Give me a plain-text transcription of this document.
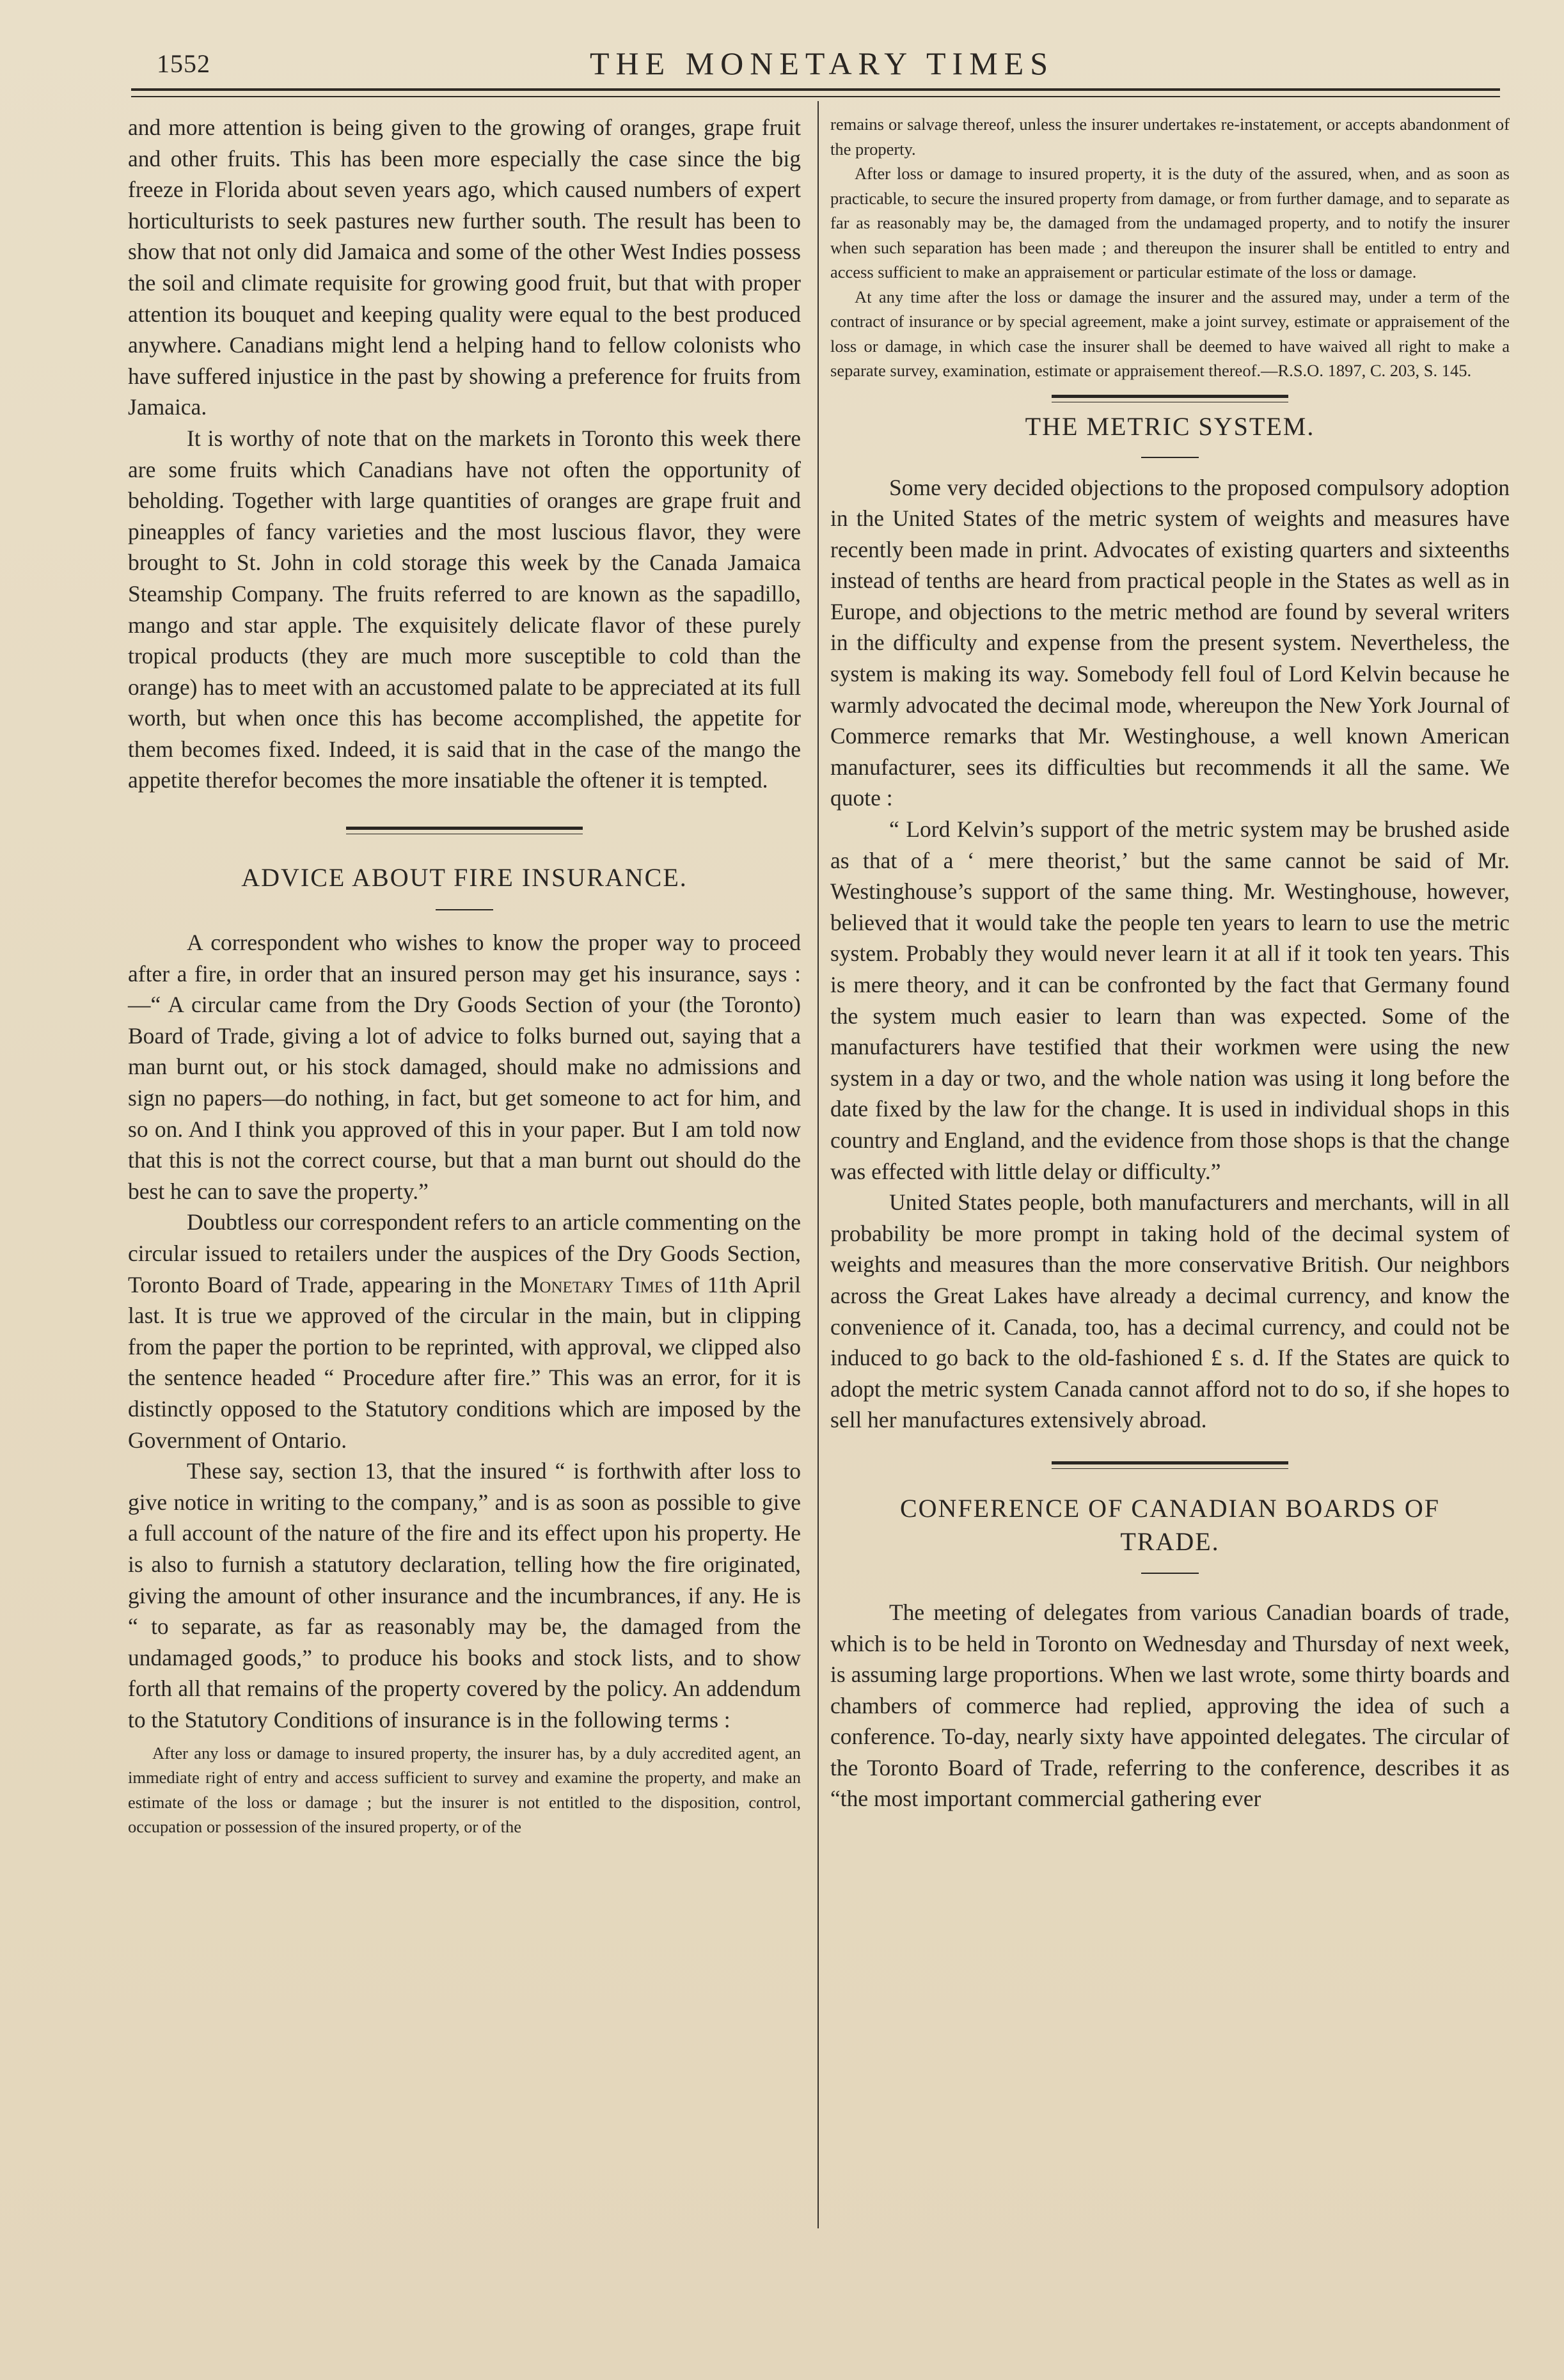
1552	THE MONETARY TIMES

and more attention is being given to the growing of oranges, grape fruit and other fruits. This has been more especially the case since the big freeze in Florida about seven years ago, which caused numbers of expert horticulturists to seek pastures new further south. The result has been to show that not only did Jamaica and some of the other West Indies possess the soil and climate requisite for growing good fruit, but that with proper attention its bouquet and keeping quality were equal to the best produced anywhere. Canadians might lend a helping hand to fellow colonists who have suffered injustice in the past by showing a preference for fruits from Jamaica.

It is worthy of note that on the markets in Toronto this week there are some fruits which Canadians have not often the opportunity of beholding. Together with large quantities of oranges are grape fruit and pineapples of fancy varieties and the most luscious flavor, they were brought to St. John in cold storage this week by the Canada Jamaica Steamship Company. The fruits referred to are known as the sapadillo, mango and star apple. The exquisitely delicate flavor of these purely tropical products (they are much more susceptible to cold than the orange) has to meet with an accustomed palate to be appreciated at its full worth, but when once this has become accomplished, the appetite for them becomes fixed. Indeed, it is said that in the case of the mango the appetite therefor becomes the more insatiable the oftener it is tempted.

ADVICE ABOUT FIRE INSURANCE.

A correspondent who wishes to know the proper way to proceed after a fire, in order that an insured person may get his insurance, says :—“ A circular came from the Dry Goods Section of your (the Toronto) Board of Trade, giving a lot of advice to folks burned out, saying that a man burnt out, or his stock damaged, should make no admissions and sign no papers—do nothing, in fact, but get someone to act for him, and so on. And I think you approved of this in your paper. But I am told now that this is not the correct course, but that a man burnt out should do the best he can to save the property.”

Doubtless our correspondent refers to an article commenting on the circular issued to retailers under the auspices of the Dry Goods Section, Toronto Board of Trade, appearing in the Monetary Times of 11th April last. It is true we approved of the circular in the main, but in clipping from the paper the portion to be reprinted, with approval, we clipped also the sentence headed “ Procedure after fire.” This was an error, for it is distinctly opposed to the Statutory conditions which are imposed by the Government of Ontario.

These say, section 13, that the insured “ is forthwith after loss to give notice in writing to the company,” and is as soon as possible to give a full account of the nature of the fire and its effect upon his property. He is also to furnish a statutory declaration, telling how the fire originated, giving the amount of other insurance and the incumbrances, if any. He is “ to separate, as far as reasonably may be, the damaged from the undamaged goods,” to produce his books and stock lists, and to show forth all that remains of the property covered by the policy. An addendum to the Statutory Conditions of insurance is in the following terms :

After any loss or damage to insured property, the insurer has, by a duly accredited agent, an immediate right of entry and access sufficient to survey and examine the property, and make an estimate of the loss or damage ; but the insurer is not entitled to the disposition, control, occupation or possession of the insured property, or of the

remains or salvage thereof, unless the insurer undertakes re-instatement, or accepts abandonment of the property.

After loss or damage to insured property, it is the duty of the assured, when, and as soon as practicable, to secure the insured property from damage, or from further damage, and to separate as far as reasonably may be, the damaged from the undamaged property, and to notify the insurer when such separation has been made ; and thereupon the insurer shall be entitled to entry and access sufficient to make an appraisement or particular estimate of the loss or damage.

At any time after the loss or damage the insurer and the assured may, under a term of the contract of insurance or by special agreement, make a joint survey, estimate or appraisement of the loss or damage, in which case the insurer shall be deemed to have waived all right to make a separate survey, examination, estimate or appraisement thereof.—R.S.O. 1897, C. 203, S. 145.

THE METRIC SYSTEM.

Some very decided objections to the proposed compulsory adoption in the United States of the metric system of weights and measures have recently been made in print. Advocates of existing quarters and sixteenths instead of tenths are heard from practical people in the States as well as in Europe, and objections to the metric method are found by several writers in the difficulty and expense from the present system. Nevertheless, the system is making its way. Somebody fell foul of Lord Kelvin because he warmly advocated the decimal mode, whereupon the New York Journal of Commerce remarks that Mr. Westinghouse, a well known American manufacturer, sees its difficulties but recommends it all the same. We quote :

“ Lord Kelvin’s support of the metric system may be brushed aside as that of a ‘ mere theorist,’ but the same cannot be said of Mr. Westinghouse’s support of the same thing. Mr. Westinghouse, however, believed that it would take the people ten years to learn to use the metric system. Probably they would never learn it at all if it took ten years. This is mere theory, and it can be confronted by the fact that Germany found the system much easier to learn than was expected. Some of the manufacturers have testified that their workmen were using the new system in a day or two, and the whole nation was using it long before the date fixed by the law for the change. It is used in individual shops in this country and England, and the evidence from those shops is that the change was effected with little delay or difficulty.”

United States people, both manufacturers and merchants, will in all probability be more prompt in taking hold of the decimal system of weights and measures than the more conservative British. Our neighbors across the Great Lakes have already a decimal currency, and know the convenience of it. Canada, too, has a decimal currency, and could not be induced to go back to the old-fashioned £ s. d. If the States are quick to adopt the metric system Canada cannot afford not to do so, if she hopes to sell her manufactures extensively abroad.

CONFERENCE OF CANADIAN BOARDS OF TRADE.

The meeting of delegates from various Canadian boards of trade, which is to be held in Toronto on Wednesday and Thursday of next week, is assuming large proportions. When we last wrote, some thirty boards and chambers of commerce had replied, approving the idea of such a conference. To-day, nearly sixty have appointed delegates. The circular of the Toronto Board of Trade, referring to the conference, describes it as “the most important commercial gathering ever
